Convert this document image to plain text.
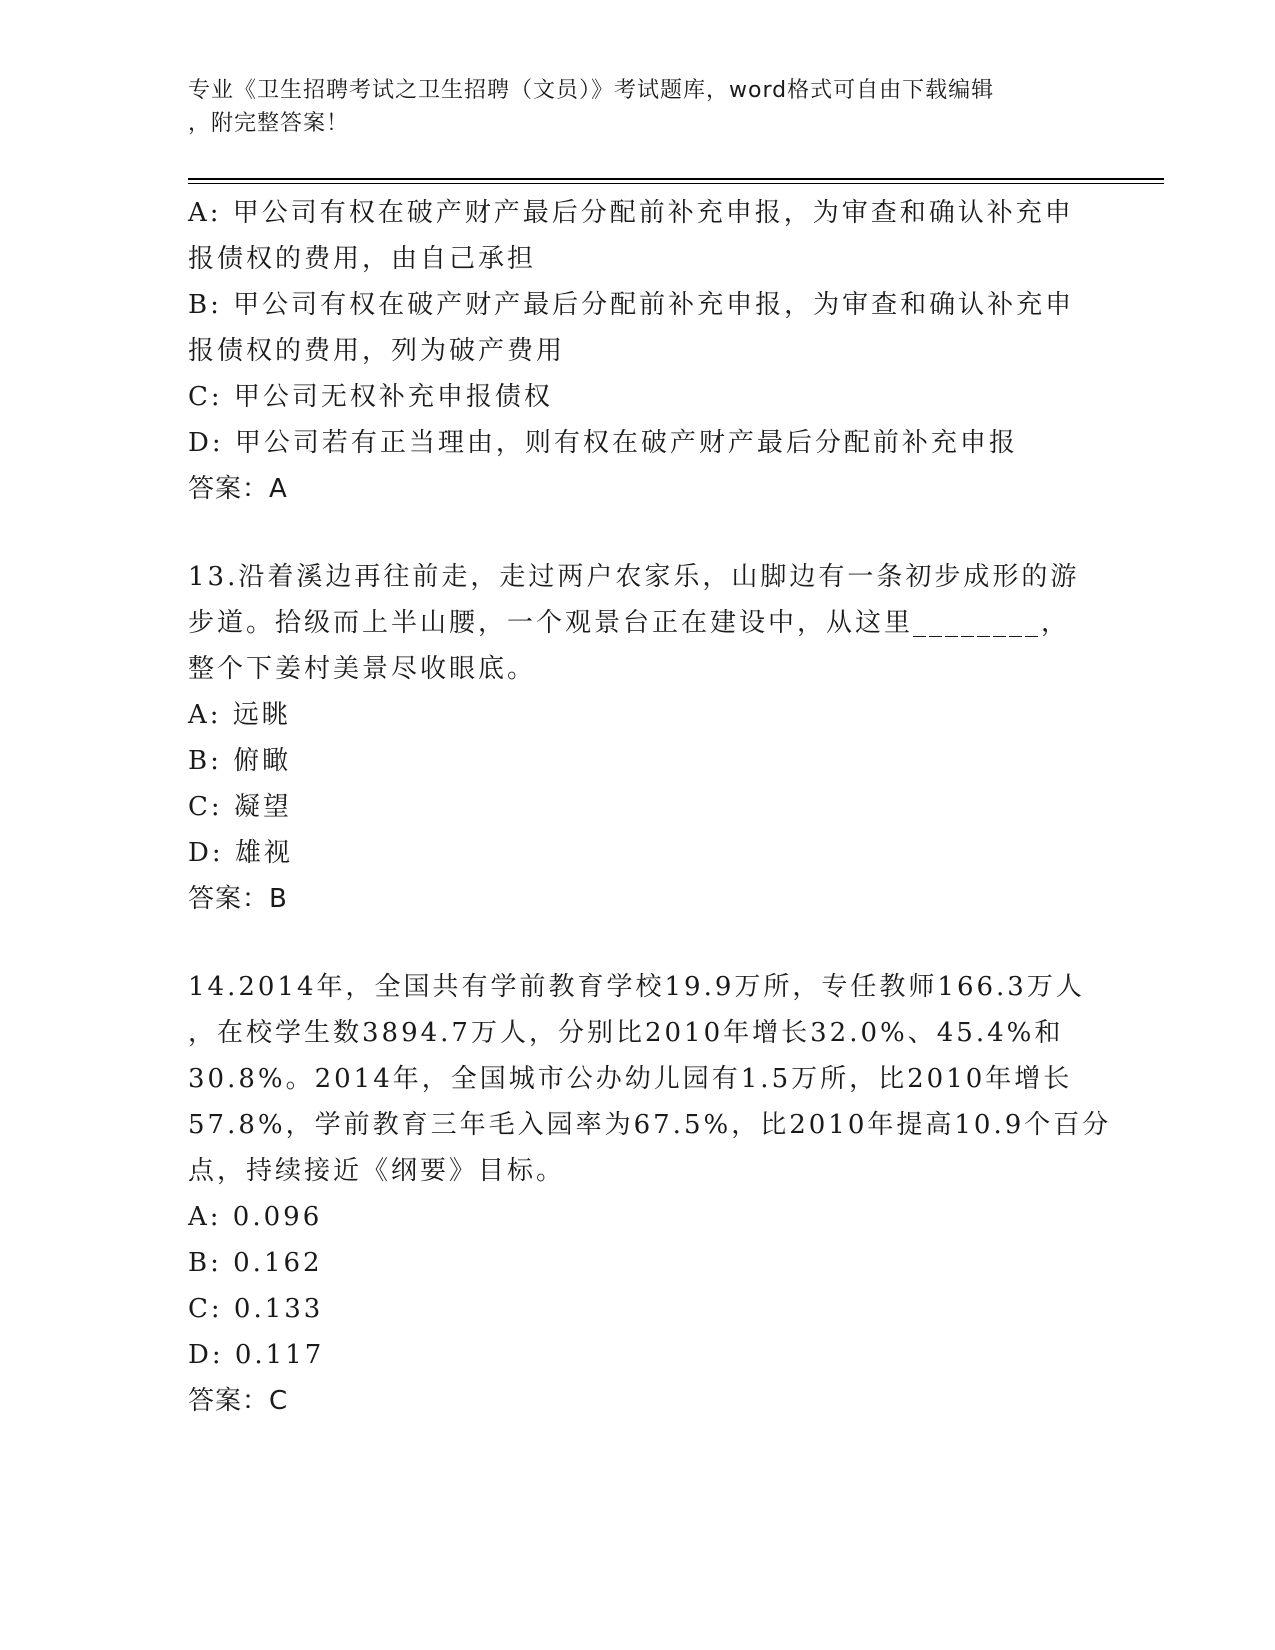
专业《卫生招聘考试之卫生招聘（文员）》考试题库，word格式可自由下载编辑
，附完整答案！
A: 甲公司有权在破产财产最后分配前补充申报，为审查和确认补充申
报债权的费用，由自己承担
B: 甲公司有权在破产财产最后分配前补充申报，为审查和确认补充申
报债权的费用，列为破产费用
C: 甲公司无权补充申报债权
D: 甲公司若有正当理由，则有权在破产财产最后分配前补充申报
答案：A
13.沿着溪边再往前走，走过两户农家乐，山脚边有一条初步成形的游
步道。拾级而上半山腰，一个观景台正在建设中，从这里________，
整个下姜村美景尽收眼底。
A: 远眺
B: 俯瞰
C: 凝望
D: 雄视
答案：B
14.2014年，全国共有学前教育学校19.9万所，专任教师166.3万人
，在校学生数3894.7万人，分别比2010年增长32.0%、45.4%和
30.8%。2014年，全国城市公办幼儿园有1.5万所，比2010年增长
57.8%，学前教育三年毛入园率为67.5%，比2010年提高10.9个百分
点，持续接近《纲要》目标。
A: 0.096
B: 0.162
C: 0.133
D: 0.117
答案：C
